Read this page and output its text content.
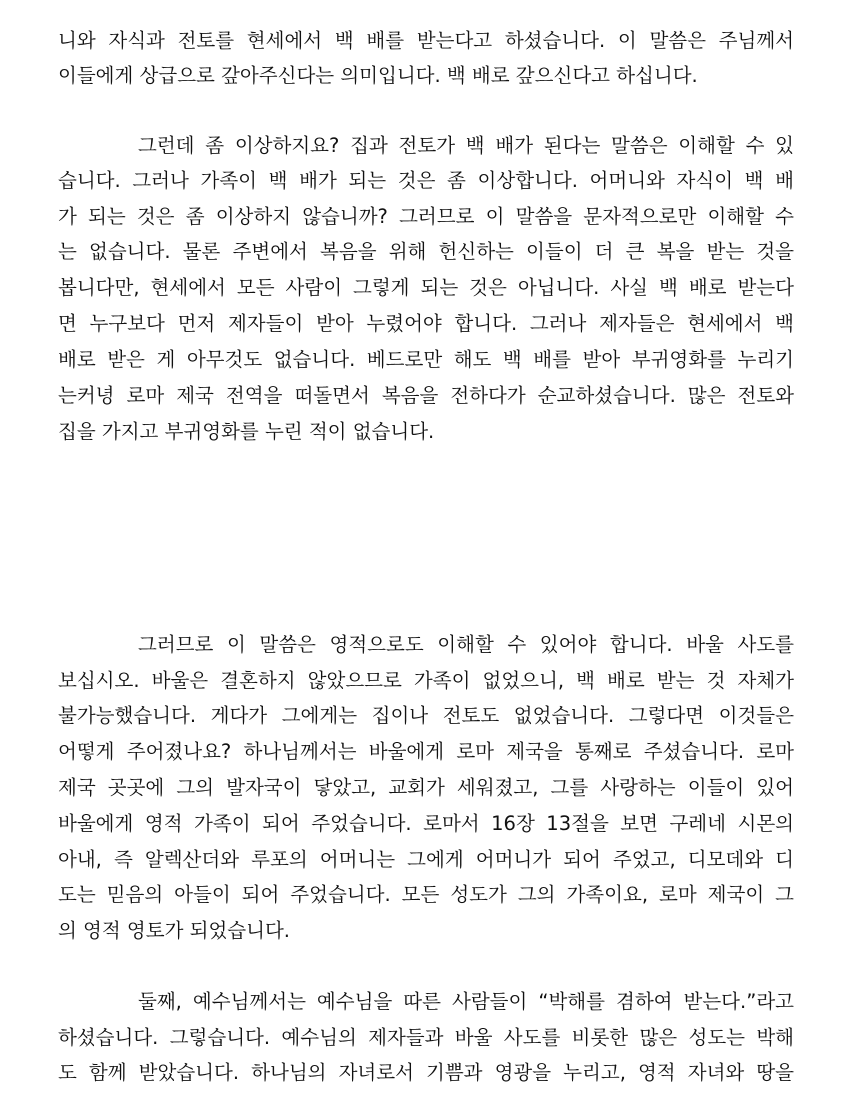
니와 자식과 전토를 현세에서 백 배를 받는다고 하셨습니다. 이 말씀은 주님께서
이들에게 상급으로 갚아주신다는 의미입니다. 백 배로 갚으신다고 하십니다.
그런데 좀 이상하지요? 집과 전토가 백 배가 된다는 말씀은 이해할 수 있
습니다. 그러나 가족이 백 배가 되는 것은 좀 이상합니다. 어머니와 자식이 백 배
가 되는 것은 좀 이상하지 않습니까? 그러므로 이 말씀을 문자적으로만 이해할 수
는 없습니다. 물론 주변에서 복음을 위해 헌신하는 이들이 더 큰 복을 받는 것을
봅니다만, 현세에서 모든 사람이 그렇게 되는 것은 아닙니다. 사실 백 배로 받는다
면 누구보다 먼저 제자들이 받아 누렸어야 합니다. 그러나 제자들은 현세에서 백
배로 받은 게 아무것도 없습니다. 베드로만 해도 백 배를 받아 부귀영화를 누리기
는커녕 로마 제국 전역을 떠돌면서 복음을 전하다가 순교하셨습니다. 많은 전토와
집을 가지고 부귀영화를 누린 적이 없습니다.
그러므로 이 말씀은 영적으로도 이해할 수 있어야 합니다. 바울 사도를
보십시오. 바울은 결혼하지 않았으므로 가족이 없었으니, 백 배로 받는 것 자체가
불가능했습니다. 게다가 그에게는 집이나 전토도 없었습니다. 그렇다면 이것들은
어떻게 주어졌나요? 하나님께서는 바울에게 로마 제국을 통째로 주셨습니다. 로마
제국 곳곳에 그의 발자국이 닿았고, 교회가 세워졌고, 그를 사랑하는 이들이 있어
바울에게 영적 가족이 되어 주었습니다. 로마서 16장 13절을 보면 구레네 시몬의
아내, 즉 알렉산더와 루포의 어머니는 그에게 어머니가 되어 주었고, 디모데와 디
도는 믿음의 아들이 되어 주었습니다. 모든 성도가 그의 가족이요, 로마 제국이 그
의 영적 영토가 되었습니다.
둘째, 예수님께서는 예수님을 따른 사람들이 “박해를 겸하여 받는다.”라고
하셨습니다. 그렇습니다. 예수님의 제자들과 바울 사도를 비롯한 많은 성도는 박해
도 함께 받았습니다. 하나님의 자녀로서 기쁨과 영광을 누리고, 영적 자녀와 땅을
